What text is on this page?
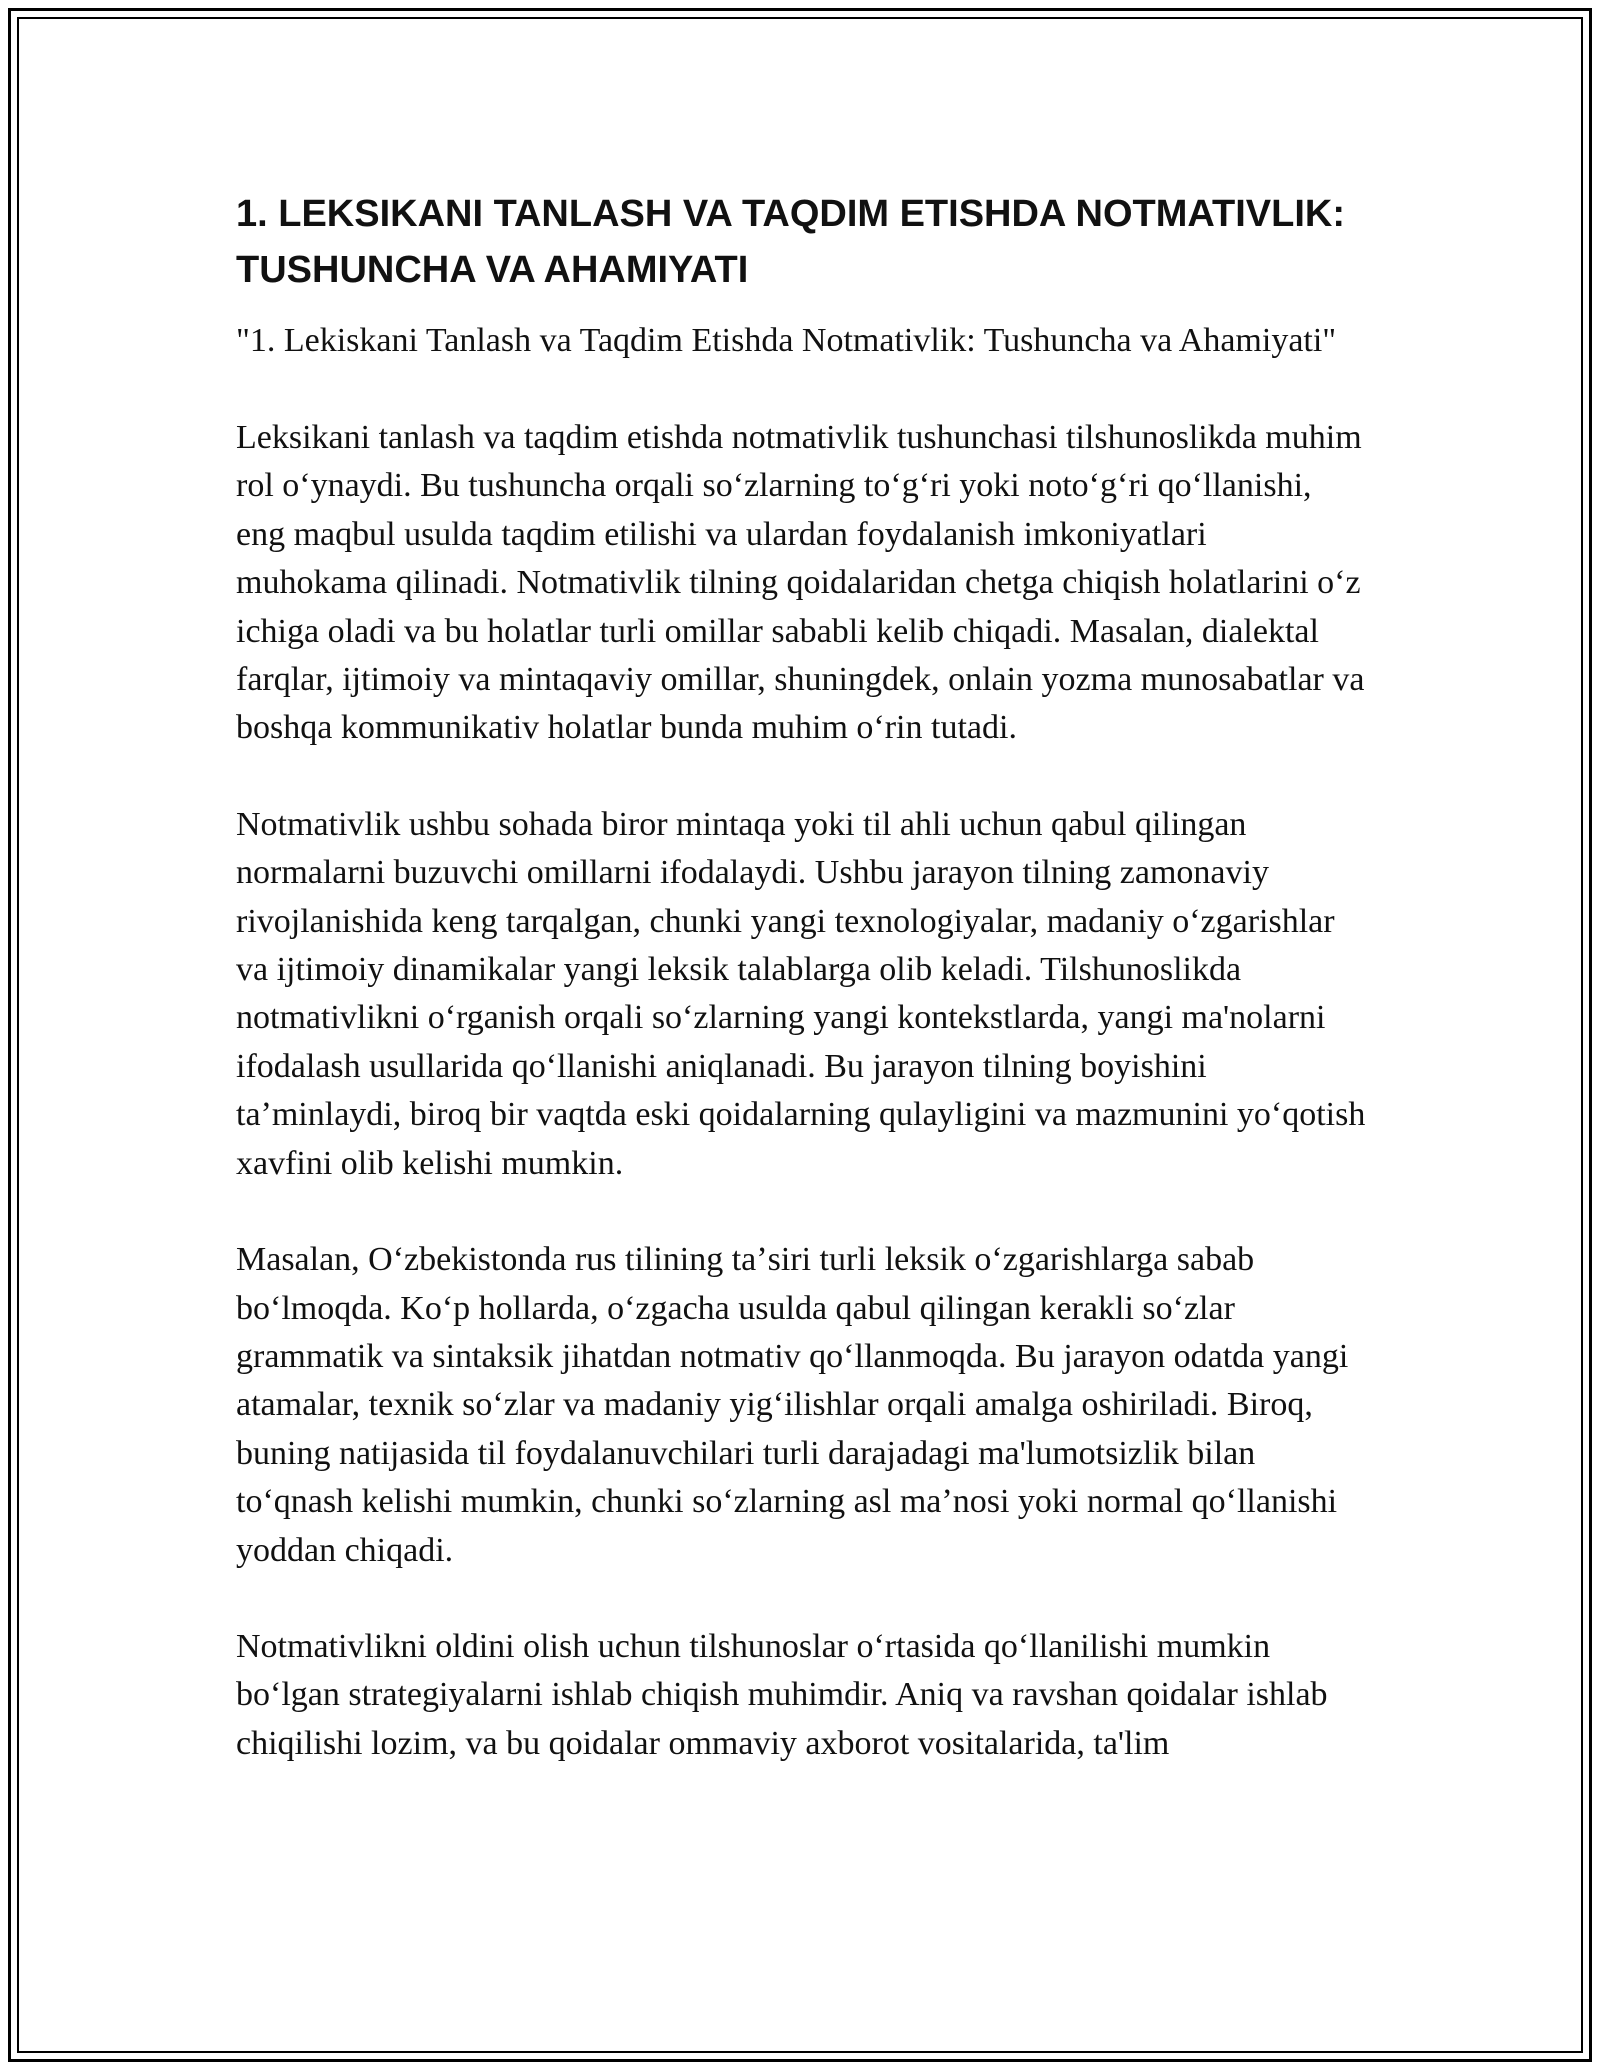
1. LEKSIKANI TANLASH VA TAQDIM ETISHDA NOTMATIVLIK: TUSHUNCHA VA AHAMIYATI

"1. Lekiskani Tanlash va Taqdim Etishda Notmativlik: Tushuncha va Ahamiyati"

Leksikani tanlash va taqdim etishda notmativlik tushunchasi tilshunoslikda muhim rol oʻynaydi. Bu tushuncha orqali soʻzlarning toʻgʻri yoki notoʻgʻri qoʻllanishi, eng maqbul usulda taqdim etilishi va ulardan foydalanish imkoniyatlari muhokama qilinadi. Notmativlik tilning qoidalaridan chetga chiqish holatlarini oʻz ichiga oladi va bu holatlar turli omillar sababli kelib chiqadi. Masalan, dialektal farqlar, ijtimoiy va mintaqaviy omillar, shuningdek, onlain yozma munosabatlar va boshqa kommunikativ holatlar bunda muhim oʻrin tutadi.

Notmativlik ushbu sohada biror mintaqa yoki til ahli uchun qabul qilingan normalarni buzuvchi omillarni ifodalaydi. Ushbu jarayon tilning zamonaviy rivojlanishida keng tarqalgan, chunki yangi texnologiyalar, madaniy oʻzgarishlar va ijtimoiy dinamikalar yangi leksik talablarga olib keladi. Tilshunoslikda notmativlikni oʻrganish orqali soʻzlarning yangi kontekstlarda, yangi ma'nolarni ifodalash usullarida qoʻllanishi aniqlanadi. Bu jarayon tilning boyishini taʼminlaydi, biroq bir vaqtda eski qoidalarning qulayligini va mazmunini yoʻqotish xavfini olib kelishi mumkin.

Masalan, Oʻzbekistonda rus tilining taʼsiri turli leksik oʻzgarishlarga sabab boʻlmoqda. Koʻp hollarda, oʻzgacha usulda qabul qilingan kerakli soʻzlar grammatik va sintaksik jihatdan notmativ qoʻllanmoqda. Bu jarayon odatda yangi atamalar, texnik soʻzlar va madaniy yigʻilishlar orqali amalga oshiriladi. Biroq, buning natijasida til foydalanuvchilari turli darajadagi ma'lumotsizlik bilan toʻqnash kelishi mumkin, chunki soʻzlarning asl maʼnosi yoki normal qoʻllanishi yoddan chiqadi.

Notmativlikni oldini olish uchun tilshunoslar oʻrtasida qoʻllanilishi mumkin boʻlgan strategiyalarni ishlab chiqish muhimdir. Aniq va ravshan qoidalar ishlab chiqilishi lozim, va bu qoidalar ommaviy axborot vositalarida, ta'lim
